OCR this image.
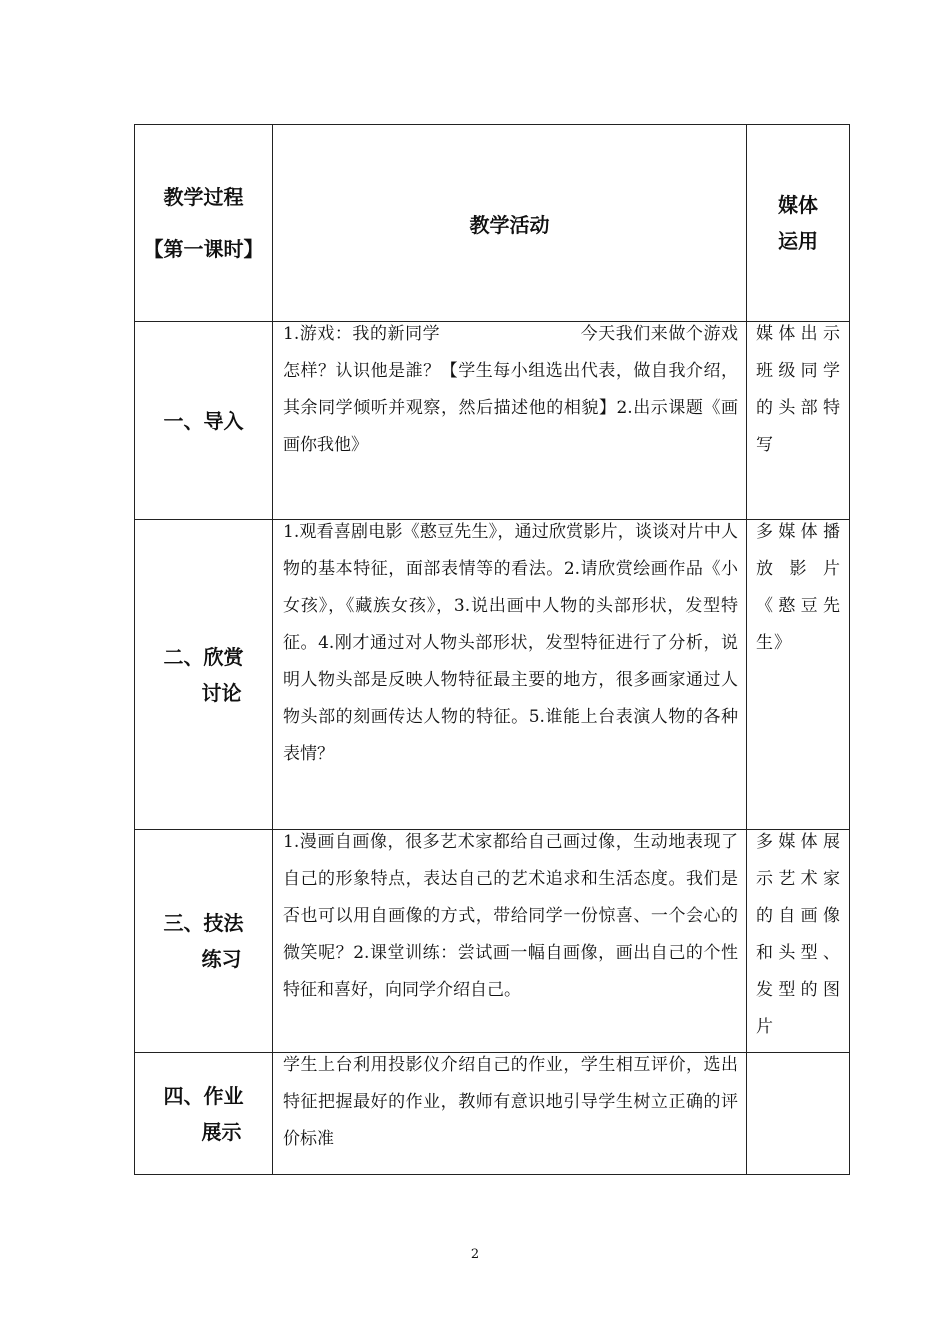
教学过程
【第一课时】	教学活动	媒体
运用

一、导入	1.游戏：我的新同学　　　　　　　　今天我们来做个游戏怎样？认识他是誰？【学生每小组选出代表，做自我介绍，其余同学倾听并观察，然后描述他的相貌】2.出示课题《画画你我他》	媒体出示班级同学的头部特写

二、欣赏
讨论	1.观看喜剧电影《憨豆先生》，通过欣赏影片，谈谈对片中人物的基本特征，面部表情等的看法。2.请欣赏绘画作品《小女孩》，《藏族女孩》，3.说出画中人物的头部形状，发型特征。4.刚才通过对人物头部形状，发型特征进行了分析，说明人物头部是反映人物特征最主要的地方，很多画家通过人物头部的刻画传达人物的特征。5.谁能上台表演人物的各种表情？	多媒体播放影片《憨豆先生》

三、技法
练习	1.漫画自画像，很多艺术家都给自己画过像，生动地表现了自己的形象特点，表达自己的艺术追求和生活态度。我们是否也可以用自画像的方式，带给同学一份惊喜、一个会心的微笑呢？2.课堂训练：尝试画一幅自画像，画出自己的个性特征和喜好，向同学介绍自己。	多媒体展示艺术家的自画像和头型、发型的图片

四、作业
展示	学生上台利用投影仪介绍自己的作业，学生相互评价，选出特征把握最好的作业，教师有意识地引导学生树立正确的评价标准	

2
